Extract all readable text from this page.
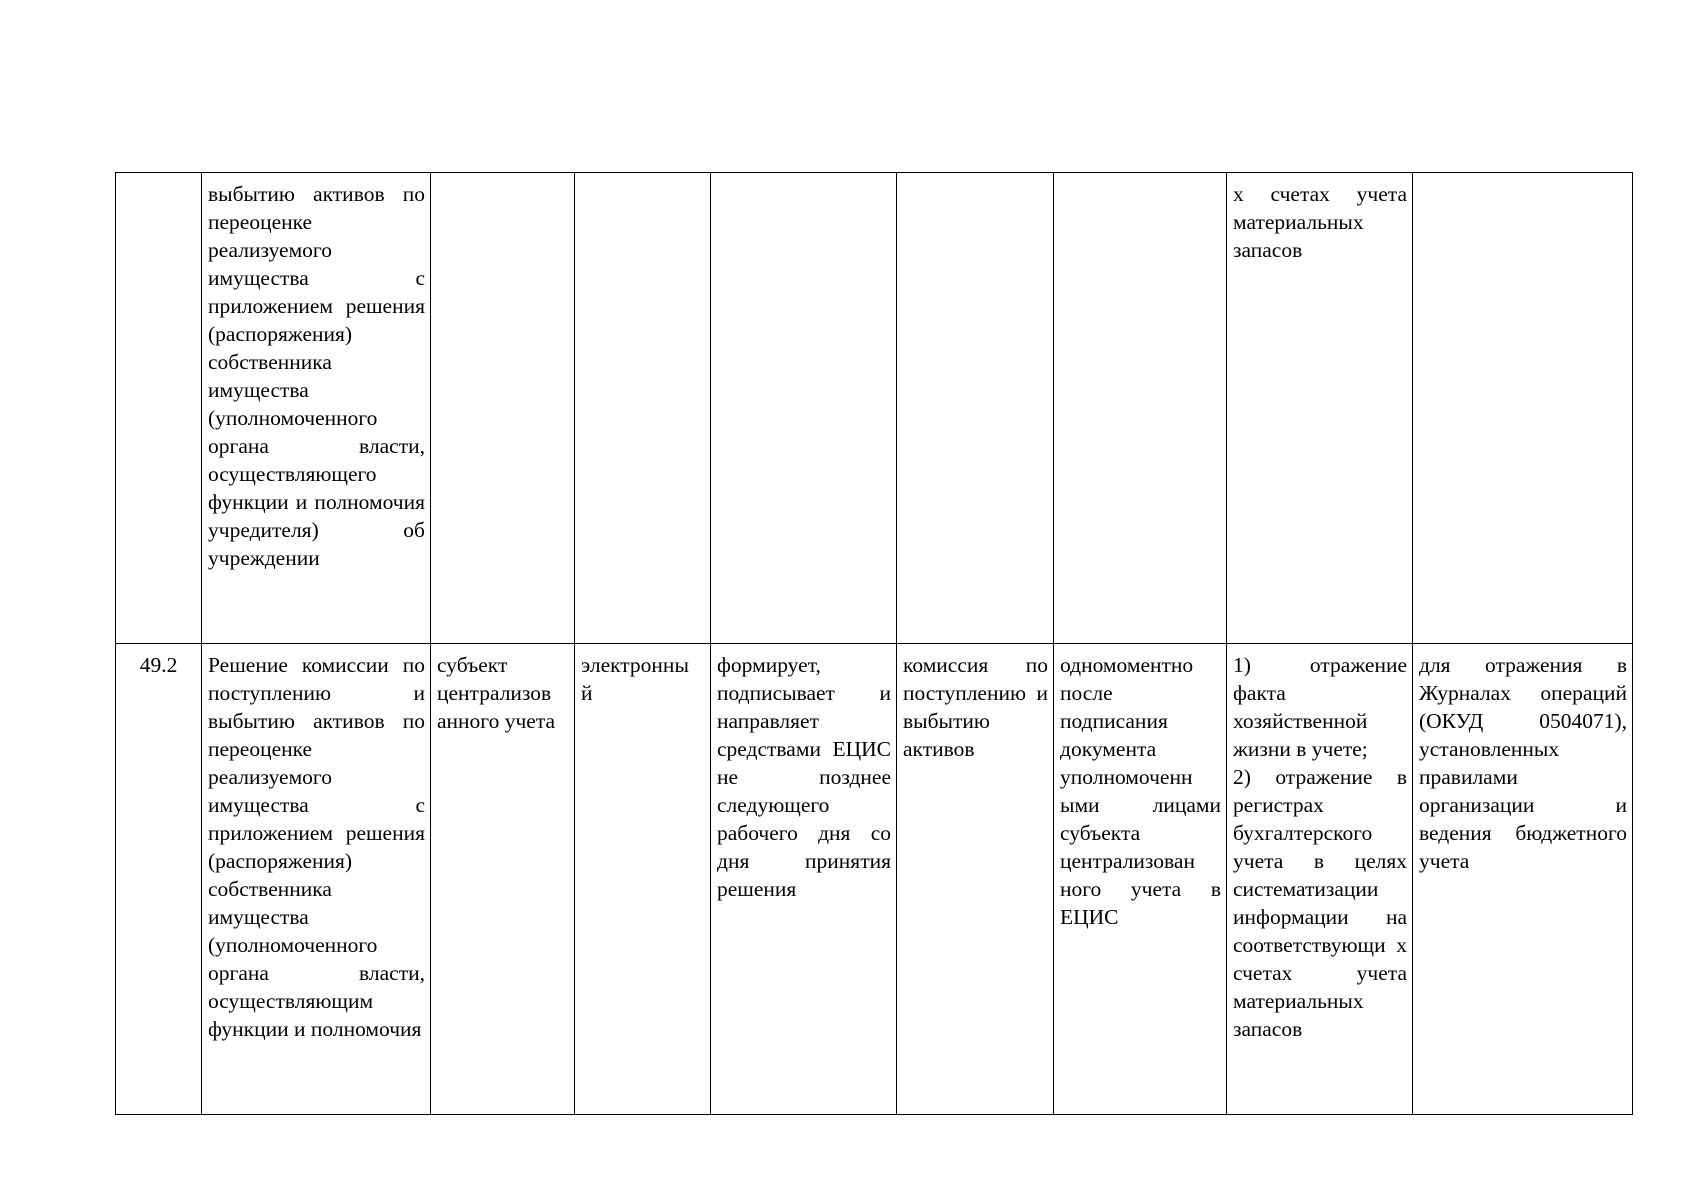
	выбытию активов по переоценке реализуемого имущества с приложением решения (распоряжения) собственника имущества (уполномоченного органа власти, осуществляющего функции и полномочия учредителя) об учреждении						х счетах учета материальных запасов	

49.2	Решение комиссии по поступлению и выбытию активов по переоценке реализуемого имущества с приложением решения (распоряжения) собственника имущества (уполномоченного органа власти, осуществляющим функции и полномочия	субъект централизов анного учета	электронны й	формирует, подписывает и направляет средствами ЕЦИС не позднее следующего рабочего дня со дня принятия решения	комиссия по поступлению и выбытию активов	одномоментно после подписания документа уполномоченн ыми лицами субъекта централизован ного учета в ЕЦИС	1) отражение факта хозяйственной жизни в учете;
2) отражение в регистрах бухгалтерского учета в целях систематизации информации на соответствующи х счетах учета материальных запасов	для отражения в Журналах операций (ОКУД 0504071), установленных правилами организации и ведения бюджетного учета
